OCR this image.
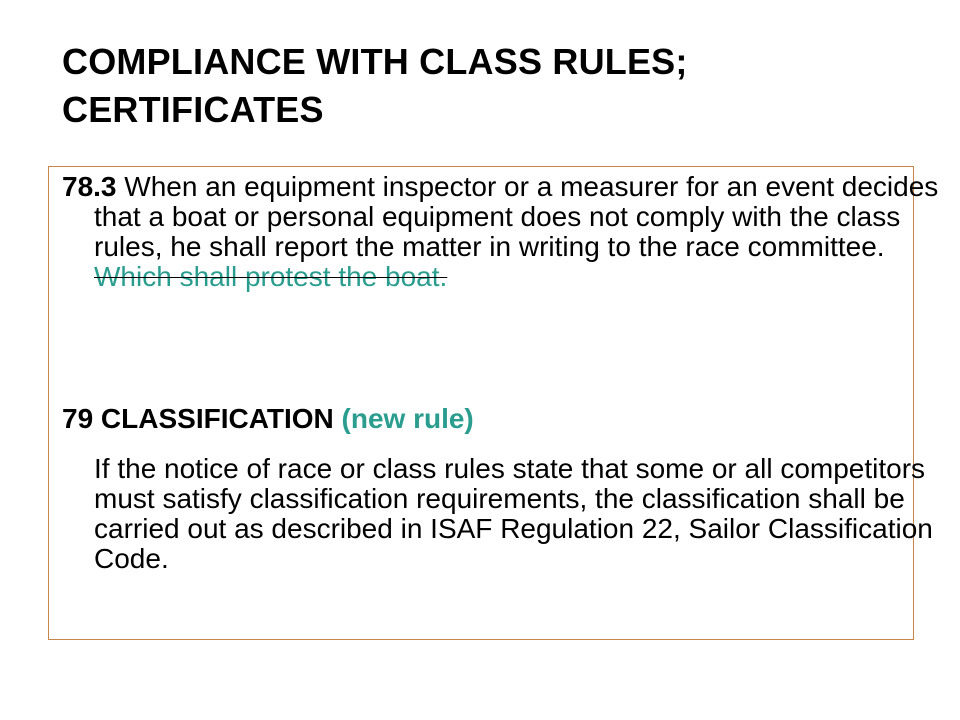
COMPLIANCE WITH CLASS RULES;
CERTIFICATES
78.3 When an equipment inspector or a measurer for an event decides that a boat or personal equipment does not comply with the class rules, he shall report the matter in writing to the race committee. Which shall protest the boat.
79 CLASSIFICATION (new rule)
If the notice of race or class rules state that some or all competitors must satisfy classification requirements, the classification shall be carried out as described in ISAF Regulation 22, Sailor Classification Code.
